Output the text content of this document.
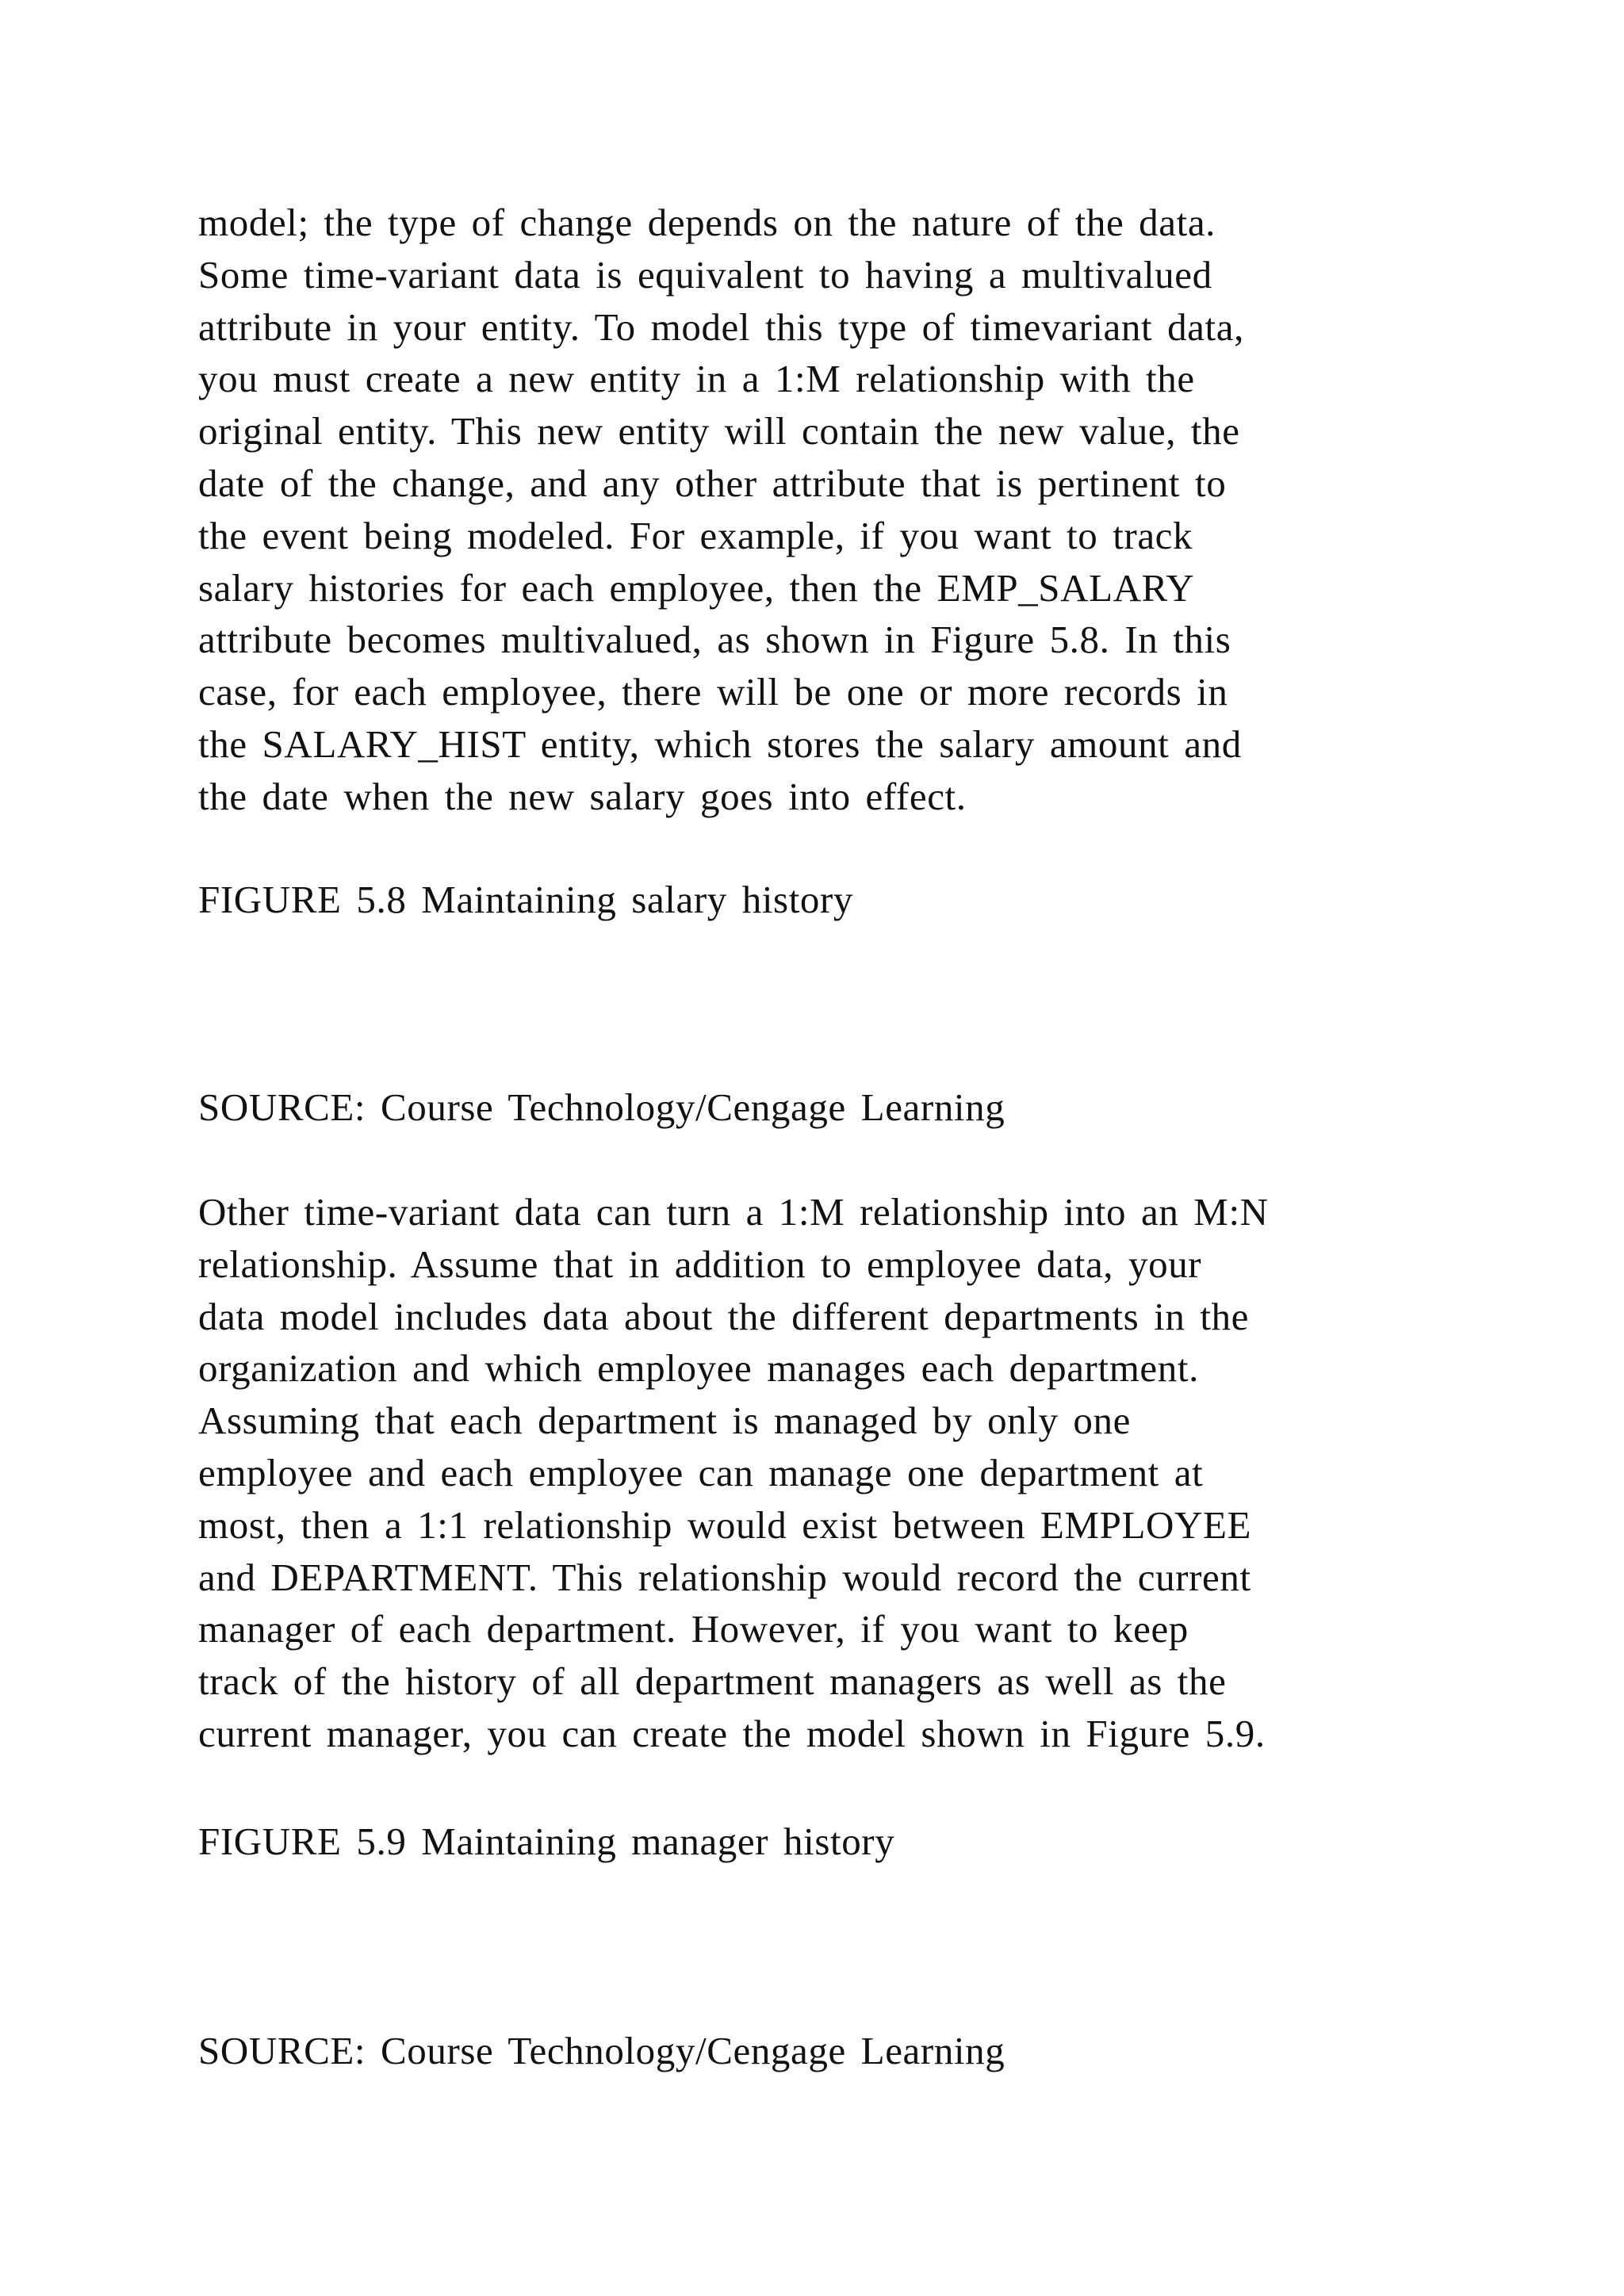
model; the type of change depends on the nature of the data.
Some time-variant data is equivalent to having a multivalued
attribute in your entity. To model this type of timevariant data,
you must create a new entity in a 1:M relationship with the
original entity. This new entity will contain the new value, the
date of the change, and any other attribute that is pertinent to
the event being modeled. For example, if you want to track
salary histories for each employee, then the EMP_SALARY
attribute becomes multivalued, as shown in Figure 5.8. In this
case, for each employee, there will be one or more records in
the SALARY_HIST entity, which stores the salary amount and
the date when the new salary goes into effect.
FIGURE 5.8 Maintaining salary history
SOURCE: Course Technology/Cengage Learning
Other time-variant data can turn a 1:M relationship into an M:N
relationship. Assume that in addition to employee data, your
data model includes data about the different departments in the
organization and which employee manages each department.
Assuming that each department is managed by only one
employee and each employee can manage one department at
most, then a 1:1 relationship would exist between EMPLOYEE
and DEPARTMENT. This relationship would record the current
manager of each department. However, if you want to keep
track of the history of all department managers as well as the
current manager, you can create the model shown in Figure 5.9.
FIGURE 5.9 Maintaining manager history
SOURCE: Course Technology/Cengage Learning
